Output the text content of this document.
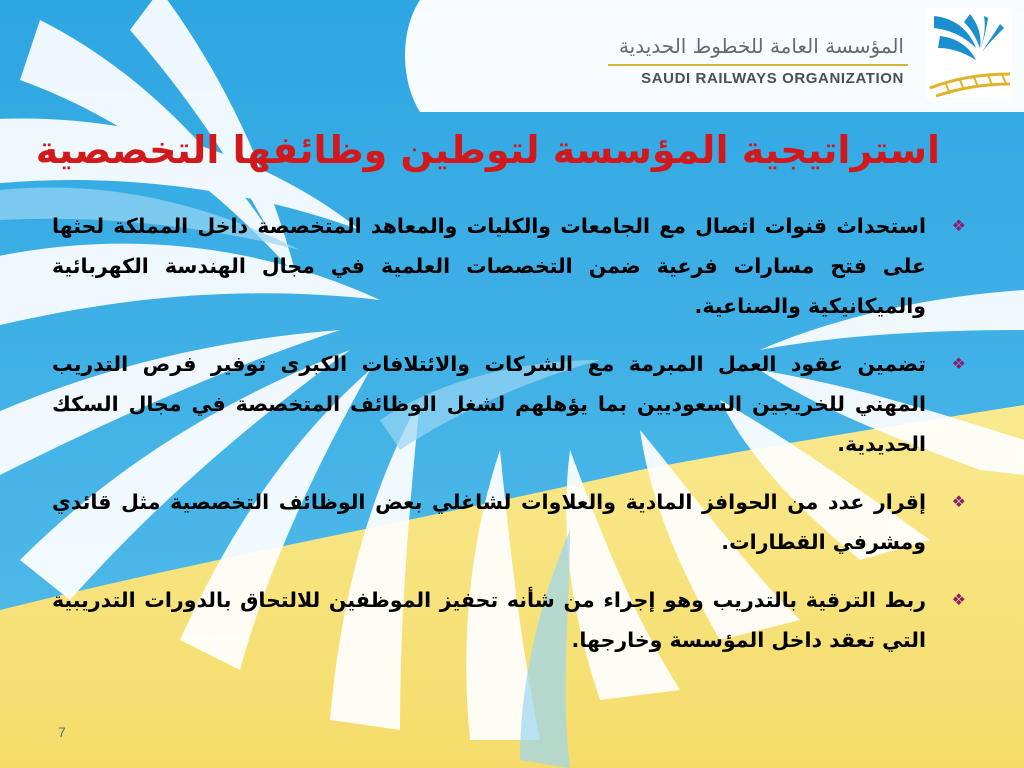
المؤسسة العامة للخطوط الحديدية
SAUDI RAILWAYS ORGANIZATION
استراتيجية المؤسسة لتوطين وظائفها التخصصية
❖
استحداث قنوات اتصال مع الجامعات والكليات والمعاهد المتخصصة داخل المملكة لحثها على فتح مسارات فرعية ضمن التخصصات العلمية في مجال الهندسة الكهربائية والميكانيكية والصناعية.
❖
تضمين عقود العمل المبرمة مع الشركات والائتلافات الكبرى توفير فرص التدريب المهني للخريجين السعوديين بما يؤهلهم لشغل الوظائف المتخصصة في مجال السكك الحديدية.
❖
إقرار عدد من الحوافز المادية والعلاوات لشاغلي بعض الوظائف التخصصية مثل قائدي ومشرفي القطارات.
❖
ربط الترقية بالتدريب وهو إجراء من شأنه تحفيز الموظفين للالتحاق بالدورات التدريبية التي تعقد داخل المؤسسة وخارجها.
7
